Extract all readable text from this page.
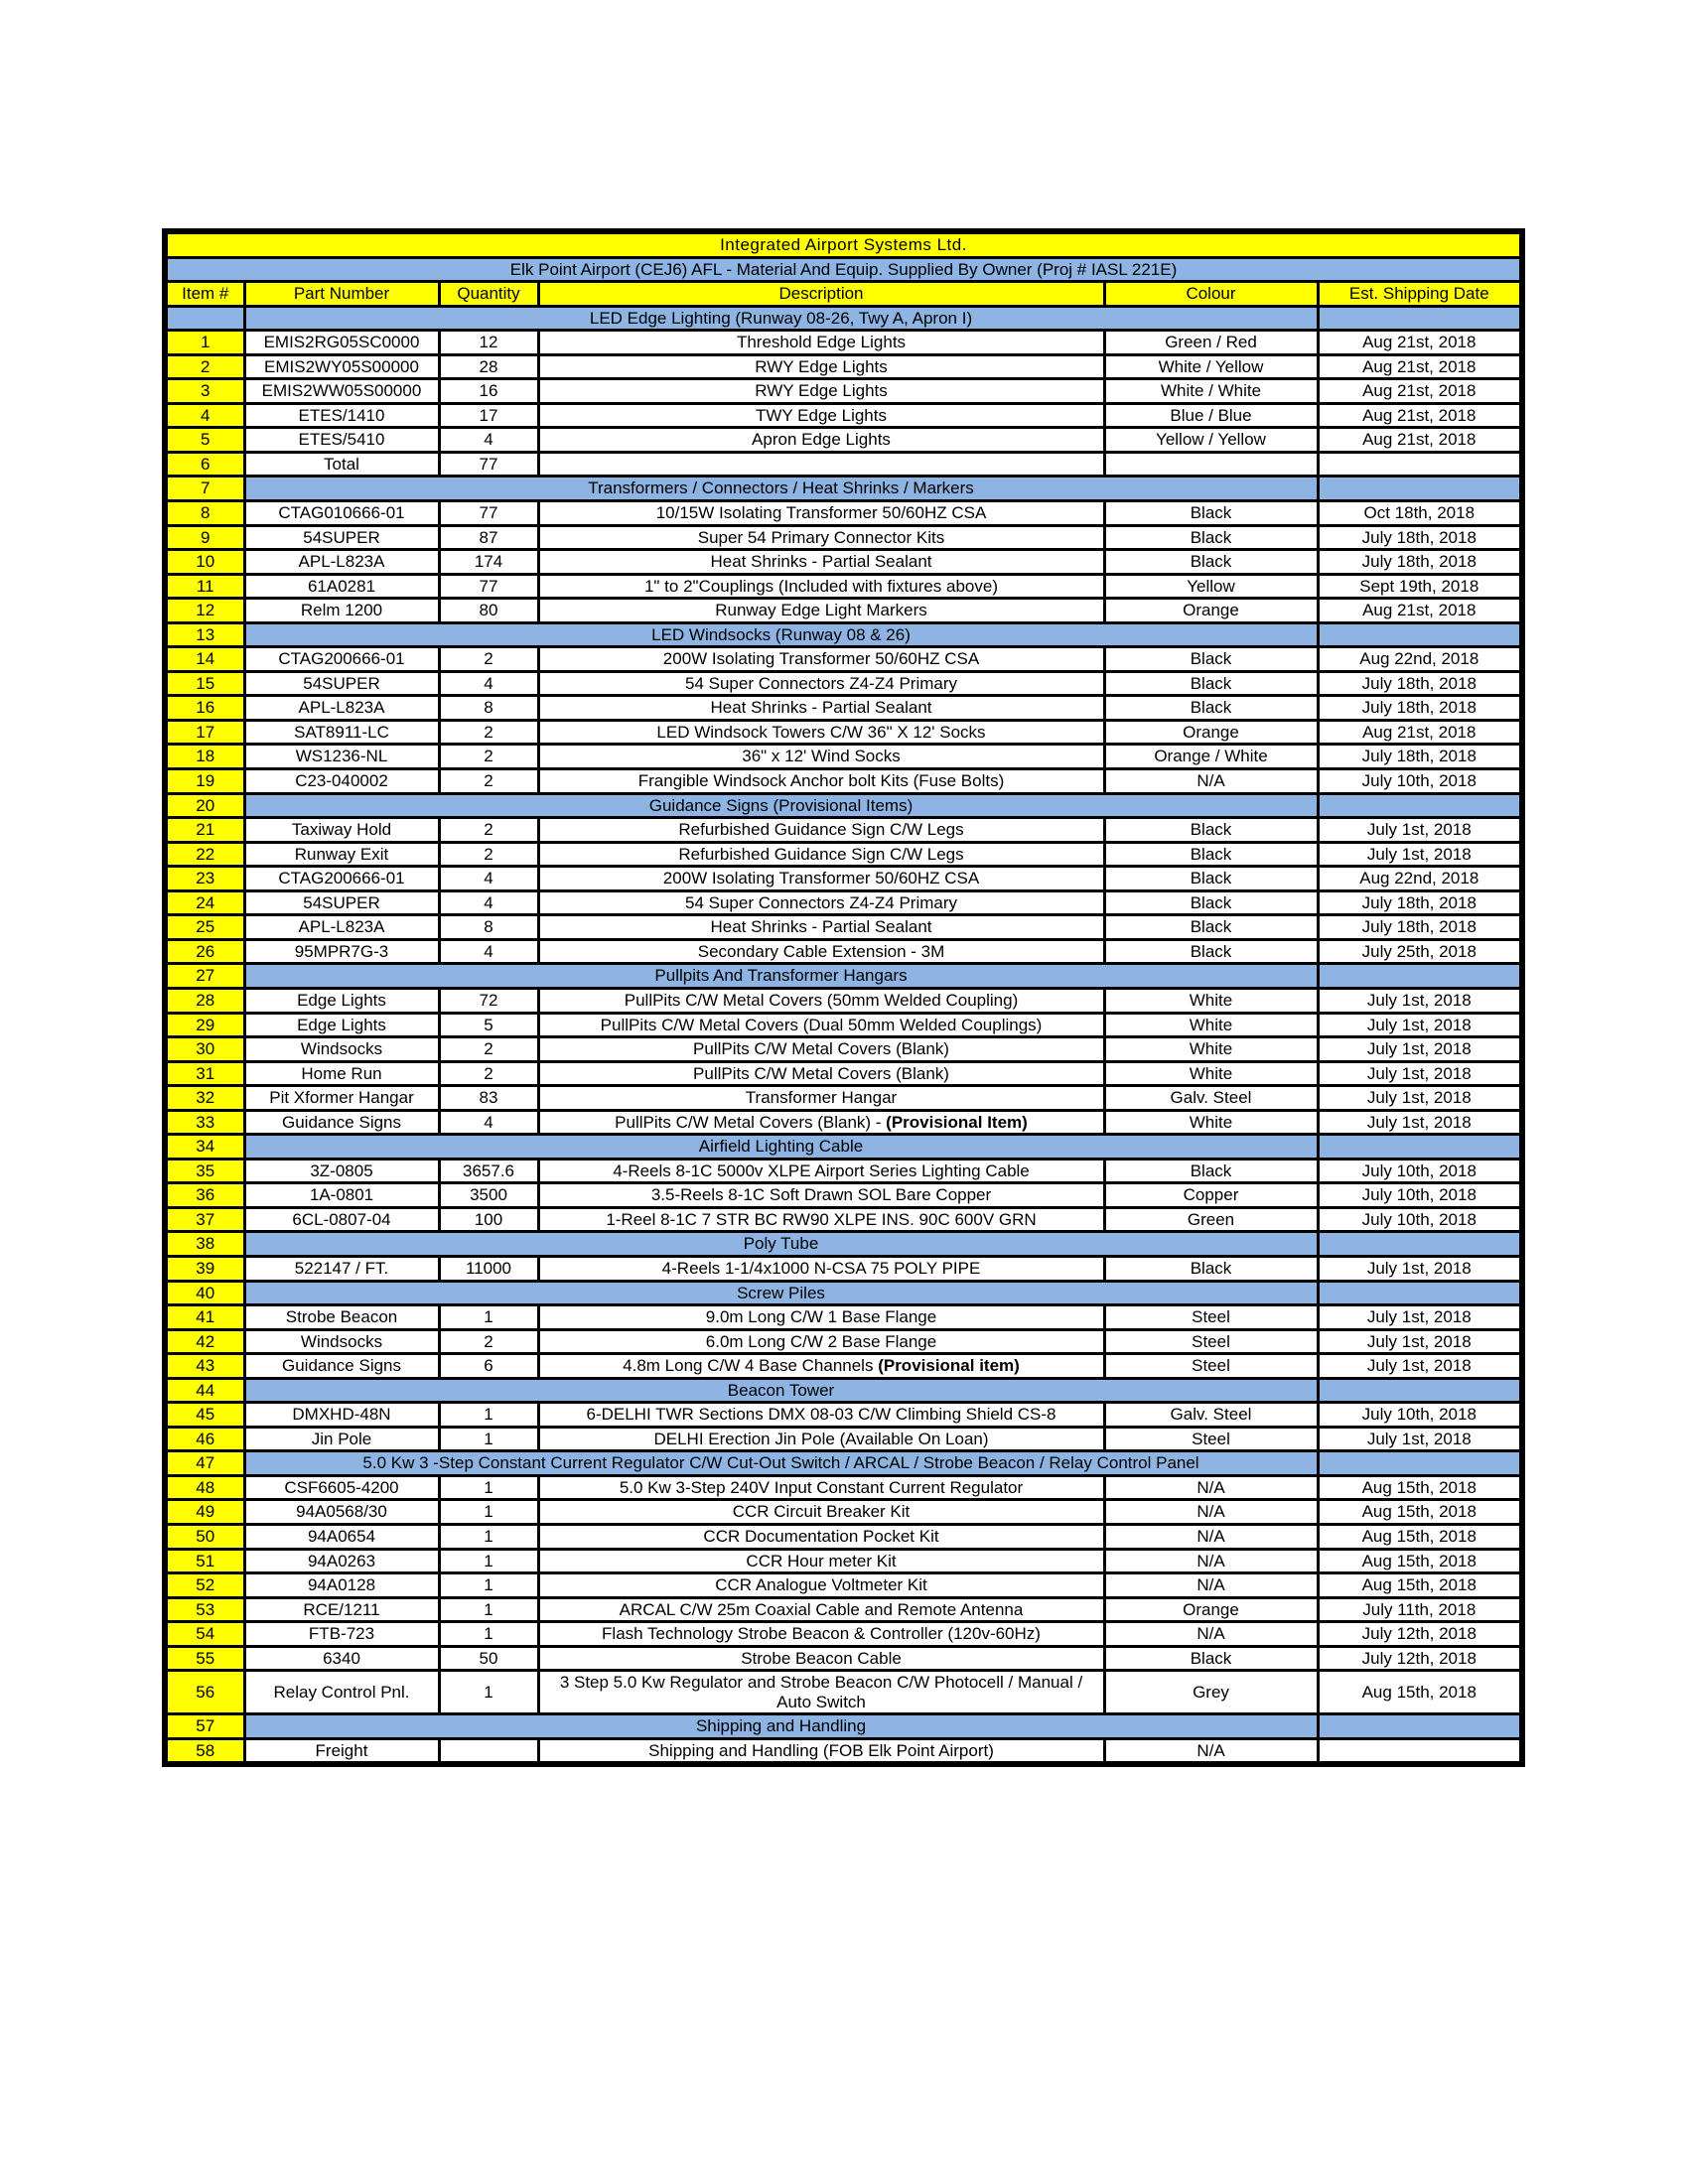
Integrated Airport Systems Ltd.					
Elk Point Airport (CEJ6) AFL - Material And Equip. Supplied By Owner (Proj # IASL 221E)					
Item #	Part Number	Quantity	Description	Colour	Est. Shipping Date
	LED Edge Lighting (Runway 08-26, Twy A, Apron I)				
1	EMIS2RG05SC0000	12	Threshold Edge Lights	Green / Red	Aug 21st, 2018
2	EMIS2WY05S00000	28	RWY Edge Lights	White / Yellow	Aug 21st, 2018
3	EMIS2WW05S00000	16	RWY Edge Lights	White / White	Aug 21st, 2018
4	ETES/1410	17	TWY Edge Lights	Blue / Blue	Aug 21st, 2018
5	ETES/5410	4	Apron Edge Lights	Yellow / Yellow	Aug 21st, 2018
6	Total	77			
7	Transformers / Connectors / Heat Shrinks / Markers				
8	CTAG010666-01	77	10/15W Isolating Transformer 50/60HZ CSA	Black	Oct 18th, 2018
9	54SUPER	87	Super 54 Primary Connector Kits	Black	July 18th, 2018
10	APL-L823A	174	Heat Shrinks - Partial Sealant	Black	July 18th, 2018
11	61A0281	77	1" to 2"Couplings (Included with fixtures above)	Yellow	Sept 19th, 2018
12	Relm 1200	80	Runway Edge Light Markers	Orange	Aug 21st, 2018
13	LED Windsocks (Runway 08 & 26)				
14	CTAG200666-01	2	200W Isolating Transformer 50/60HZ CSA	Black	Aug 22nd, 2018
15	54SUPER	4	54 Super Connectors Z4-Z4 Primary	Black	July 18th, 2018
16	APL-L823A	8	Heat Shrinks - Partial Sealant	Black	July 18th, 2018
17	SAT8911-LC	2	LED Windsock Towers C/W 36" X 12' Socks	Orange	Aug 21st, 2018
18	WS1236-NL	2	36" x 12' Wind Socks	Orange / White	July 18th, 2018
19	C23-040002	2	Frangible Windsock Anchor bolt Kits (Fuse Bolts)	N/A	July 10th, 2018
20	Guidance Signs (Provisional Items)				
21	Taxiway Hold	2	Refurbished Guidance Sign C/W Legs	Black	July 1st, 2018
22	Runway Exit	2	Refurbished Guidance Sign C/W Legs	Black	July 1st, 2018
23	CTAG200666-01	4	200W Isolating Transformer 50/60HZ CSA	Black	Aug 22nd, 2018
24	54SUPER	4	54 Super Connectors Z4-Z4 Primary	Black	July 18th, 2018
25	APL-L823A	8	Heat Shrinks - Partial Sealant	Black	July 18th, 2018
26	95MPR7G-3	4	Secondary Cable Extension - 3M	Black	July 25th, 2018
27	Pullpits And Transformer Hangars				
28	Edge Lights	72	PullPits C/W Metal Covers (50mm Welded Coupling)	White	July 1st, 2018
29	Edge Lights	5	PullPits C/W Metal Covers (Dual 50mm Welded Couplings)	White	July 1st, 2018
30	Windsocks	2	PullPits C/W Metal Covers (Blank)	White	July 1st, 2018
31	Home Run	2	PullPits C/W Metal Covers (Blank)	White	July 1st, 2018
32	Pit Xformer Hangar	83	Transformer Hangar	Galv. Steel	July 1st, 2018
33	Guidance Signs	4	PullPits C/W Metal Covers (Blank) - (Provisional Item)	White	July 1st, 2018
34	Airfield Lighting Cable				
35	3Z-0805	3657.6	4-Reels 8-1C 5000v XLPE Airport Series Lighting Cable	Black	July 10th, 2018
36	1A-0801	3500	3.5-Reels 8-1C Soft Drawn SOL Bare Copper	Copper	July 10th, 2018
37	6CL-0807-04	100	1-Reel 8-1C 7 STR BC RW90 XLPE INS. 90C 600V GRN	Green	July 10th, 2018
38	Poly Tube				
39	522147 / FT.	11000	4-Reels 1-1/4x1000 N-CSA 75 POLY PIPE	Black	July 1st, 2018
40	Screw Piles				
41	Strobe Beacon	1	9.0m Long C/W 1 Base Flange	Steel	July 1st, 2018
42	Windsocks	2	6.0m Long C/W 2 Base Flange	Steel	July 1st, 2018
43	Guidance Signs	6	4.8m Long C/W 4 Base Channels (Provisional item)	Steel	July 1st, 2018
44	Beacon Tower				
45	DMXHD-48N	1	6-DELHI TWR Sections DMX 08-03 C/W Climbing Shield CS-8	Galv. Steel	July 10th, 2018
46	Jin Pole	1	DELHI Erection Jin Pole (Available On Loan)	Steel	July 1st, 2018
47	5.0 Kw 3 -Step Constant Current Regulator C/W Cut-Out Switch / ARCAL / Strobe Beacon / Relay Control Panel				
48	CSF6605-4200	1	5.0 Kw 3-Step 240V Input Constant Current Regulator	N/A	Aug 15th, 2018
49	94A0568/30	1	CCR Circuit Breaker Kit	N/A	Aug 15th, 2018
50	94A0654	1	CCR Documentation Pocket Kit	N/A	Aug 15th, 2018
51	94A0263	1	CCR Hour meter Kit	N/A	Aug 15th, 2018
52	94A0128	1	CCR Analogue Voltmeter Kit	N/A	Aug 15th, 2018
53	RCE/1211	1	ARCAL C/W 25m Coaxial Cable and Remote Antenna	Orange	July 11th, 2018
54	FTB-723	1	Flash Technology Strobe Beacon & Controller (120v-60Hz)	N/A	July 12th, 2018
55	6340	50	Strobe Beacon Cable	Black	July 12th, 2018
56	Relay Control Pnl.	1	3 Step 5.0 Kw Regulator and Strobe Beacon C/W Photocell / Manual / Auto Switch	Grey	Aug 15th, 2018
57	Shipping and Handling				
58	Freight		Shipping and Handling (FOB Elk Point Airport)	N/A	
